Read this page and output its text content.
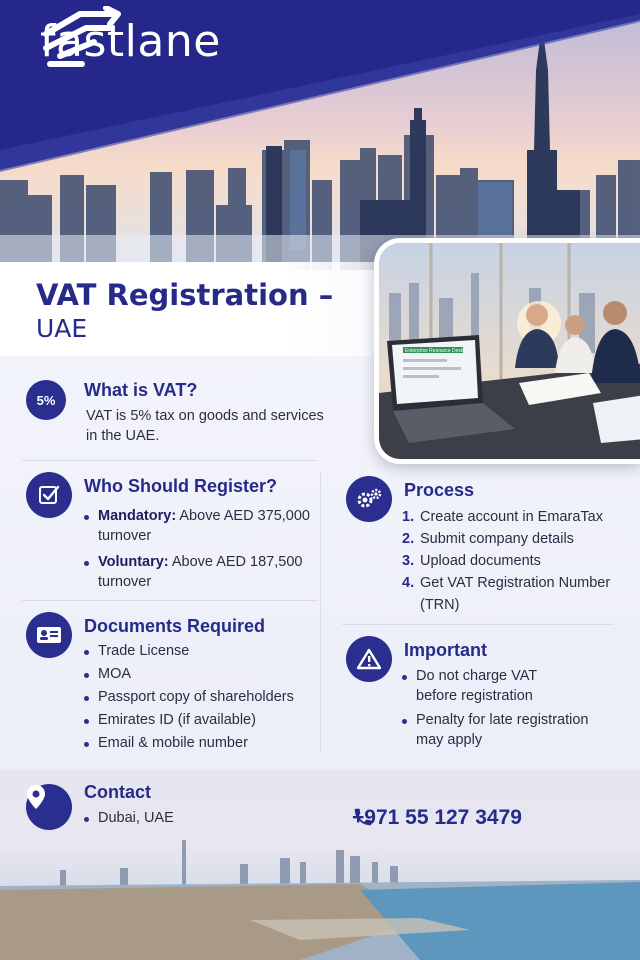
fastlane
VAT Registration –
UAE
5% What is VAT?
VAT is 5% tax on goods and services
in the UAE.
Who Should Register?
Mandatory: Above AED 375,000
turnover
Voluntary: Above AED 187,500
turnover
Documents Required
Trade License
MOA
Passport copy of shareholders
Emirates ID (if available)
Email & mobile number
Process
1. Create account in EmaraTax
2. Submit company details
3. Upload documents
4. Get VAT Registration Number
(TRN)
Important
Do not charge VAT
before registration
Penalty for late registration
may apply
Enterprise Resource Desk
Contact
Dubai, UAE	+971 55 127 3479
